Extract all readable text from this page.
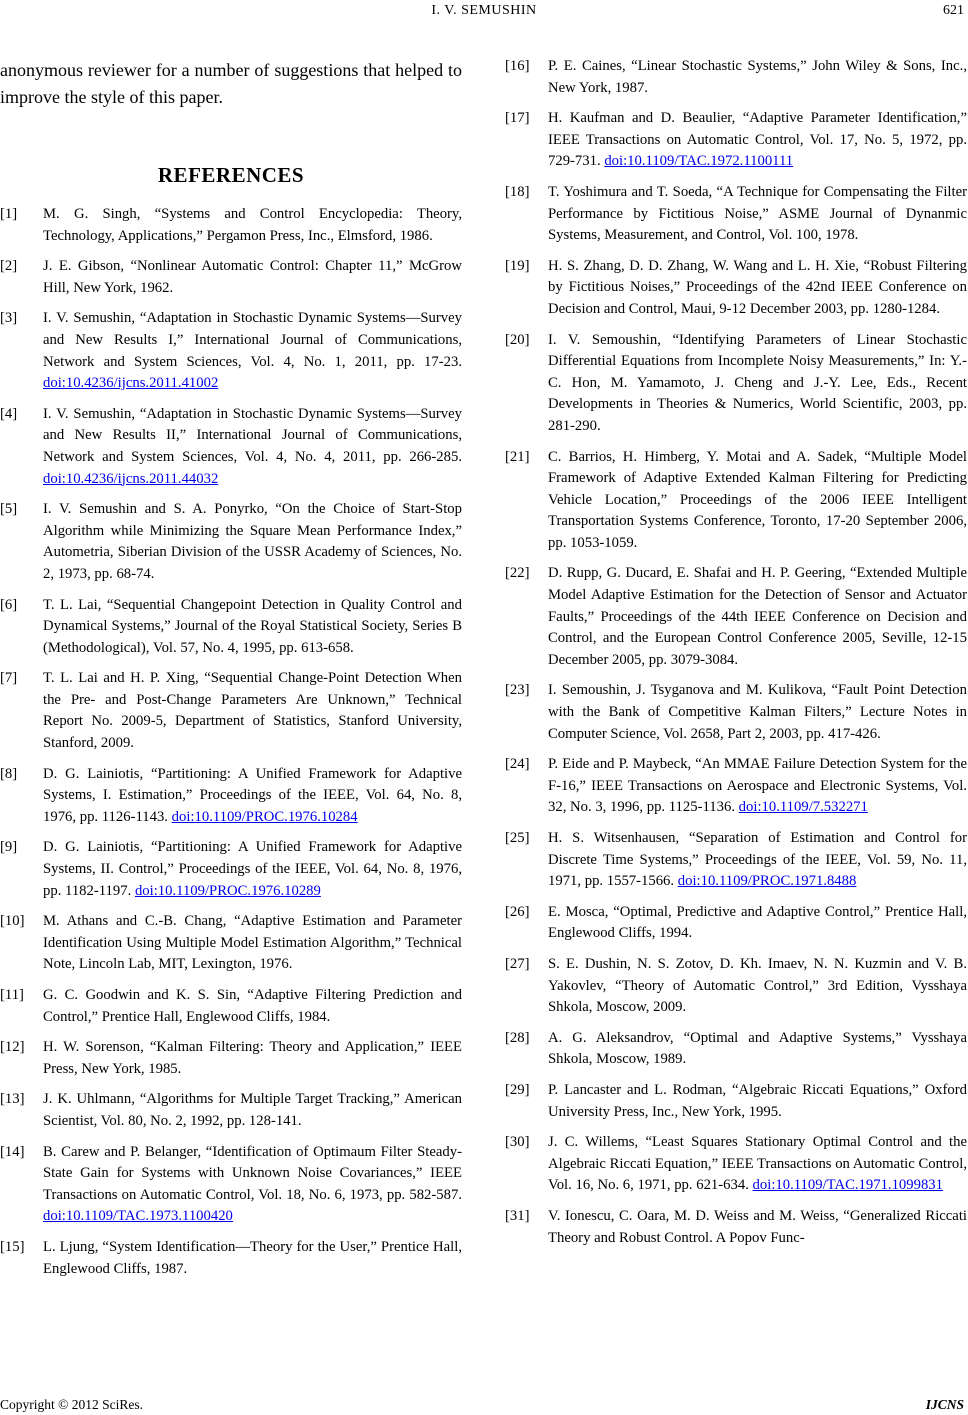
I. V. SEMUSHIN	621

anonymous reviewer for a number of suggestions that helped to improve the style of this paper.

REFERENCES
[1] M. G. Singh, “Systems and Control Encyclopedia: Theory, Technology, Applications,” Pergamon Press, Inc., Elmsford, 1986.
[2] J. E. Gibson, “Nonlinear Automatic Control: Chapter 11,” McGrow Hill, New York, 1962.
[3] I. V. Semushin, “Adaptation in Stochastic Dynamic Systems—Survey and New Results I,” International Journal of Communications, Network and System Sciences, Vol. 4, No. 1, 2011, pp. 17-23. doi:10.4236/ijcns.2011.41002
[4] I. V. Semushin, “Adaptation in Stochastic Dynamic Systems—Survey and New Results II,” International Journal of Communications, Network and System Sciences, Vol. 4, No. 4, 2011, pp. 266-285. doi:10.4236/ijcns.2011.44032
[5] I. V. Semushin and S. A. Ponyrko, “On the Choice of Start-Stop Algorithm while Minimizing the Square Mean Performance Index,” Autometria, Siberian Division of the USSR Academy of Sciences, No. 2, 1973, pp. 68-74.
[6] T. L. Lai, “Sequential Changepoint Detection in Quality Control and Dynamical Systems,” Journal of the Royal Statistical Society, Series B (Methodological), Vol. 57, No. 4, 1995, pp. 613-658.
[7] T. L. Lai and H. P. Xing, “Sequential Change-Point Detection When the Pre- and Post-Change Parameters Are Unknown,” Technical Report No. 2009-5, Department of Statistics, Stanford University, Stanford, 2009.
[8] D. G. Lainiotis, “Partitioning: A Unified Framework for Adaptive Systems, I. Estimation,” Proceedings of the IEEE, Vol. 64, No. 8, 1976, pp. 1126-1143. doi:10.1109/PROC.1976.10284
[9] D. G. Lainiotis, “Partitioning: A Unified Framework for Adaptive Systems, II. Control,” Proceedings of the IEEE, Vol. 64, No. 8, 1976, pp. 1182-1197. doi:10.1109/PROC.1976.10289
[10] M. Athans and C.-B. Chang, “Adaptive Estimation and Parameter Identification Using Multiple Model Estimation Algorithm,” Technical Note, Lincoln Lab, MIT, Lexington, 1976.
[11] G. C. Goodwin and K. S. Sin, “Adaptive Filtering Prediction and Control,” Prentice Hall, Englewood Cliffs, 1984.
[12] H. W. Sorenson, “Kalman Filtering: Theory and Application,” IEEE Press, New York, 1985.
[13] J. K. Uhlmann, “Algorithms for Multiple Target Tracking,” American Scientist, Vol. 80, No. 2, 1992, pp. 128-141.
[14] B. Carew and P. Belanger, “Identification of Optimaum Filter Steady-State Gain for Systems with Unknown Noise Covariances,” IEEE Transactions on Automatic Control, Vol. 18, No. 6, 1973, pp. 582-587. doi:10.1109/TAC.1973.1100420
[15] L. Ljung, “System Identification—Theory for the User,” Prentice Hall, Englewood Cliffs, 1987.
[16] P. E. Caines, “Linear Stochastic Systems,” John Wiley & Sons, Inc., New York, 1987.
[17] H. Kaufman and D. Beaulier, “Adaptive Parameter Identification,” IEEE Transactions on Automatic Control, Vol. 17, No. 5, 1972, pp. 729-731. doi:10.1109/TAC.1972.1100111
[18] T. Yoshimura and T. Soeda, “A Technique for Compensating the Filter Performance by Fictitious Noise,” ASME Journal of Dynanmic Systems, Measurement, and Control, Vol. 100, 1978.
[19] H. S. Zhang, D. D. Zhang, W. Wang and L. H. Xie, “Robust Filtering by Fictitious Noises,” Proceedings of the 42nd IEEE Conference on Decision and Control, Maui, 9-12 December 2003, pp. 1280-1284.
[20] I. V. Semoushin, “Identifying Parameters of Linear Stochastic Differential Equations from Incomplete Noisy Measurements,” In: Y.-C. Hon, M. Yamamoto, J. Cheng and J.-Y. Lee, Eds., Recent Developments in Theories & Numerics, World Scientific, 2003, pp. 281-290.
[21] C. Barrios, H. Himberg, Y. Motai and A. Sadek, “Multiple Model Framework of Adaptive Extended Kalman Filtering for Predicting Vehicle Location,” Proceedings of the 2006 IEEE Intelligent Transportation Systems Conference, Toronto, 17-20 September 2006, pp. 1053-1059.
[22] D. Rupp, G. Ducard, E. Shafai and H. P. Geering, “Extended Multiple Model Adaptive Estimation for the Detection of Sensor and Actuator Faults,” Proceedings of the 44th IEEE Conference on Decision and Control, and the European Control Conference 2005, Seville, 12-15 December 2005, pp. 3079-3084.
[23] I. Semoushin, J. Tsyganova and M. Kulikova, “Fault Point Detection with the Bank of Competitive Kalman Filters,” Lecture Notes in Computer Science, Vol. 2658, Part 2, 2003, pp. 417-426.
[24] P. Eide and P. Maybeck, “An MMAE Failure Detection System for the F-16,” IEEE Transactions on Aerospace and Electronic Systems, Vol. 32, No. 3, 1996, pp. 1125-1136. doi:10.1109/7.532271
[25] H. S. Witsenhausen, “Separation of Estimation and Control for Discrete Time Systems,” Proceedings of the IEEE, Vol. 59, No. 11, 1971, pp. 1557-1566. doi:10.1109/PROC.1971.8488
[26] E. Mosca, “Optimal, Predictive and Adaptive Control,” Prentice Hall, Englewood Cliffs, 1994.
[27] S. E. Dushin, N. S. Zotov, D. Kh. Imaev, N. N. Kuzmin and V. B. Yakovlev, “Theory of Automatic Control,” 3rd Edition, Vysshaya Shkola, Moscow, 2009.
[28] A. G. Aleksandrov, “Optimal and Adaptive Systems,” Vysshaya Shkola, Moscow, 1989.
[29] P. Lancaster and L. Rodman, “Algebraic Riccati Equations,” Oxford University Press, Inc., New York, 1995.
[30] J. C. Willems, “Least Squares Stationary Optimal Control and the Algebraic Riccati Equation,” IEEE Transactions on Automatic Control, Vol. 16, No. 6, 1971, pp. 621-634. doi:10.1109/TAC.1971.1099831
[31] V. Ionescu, C. Oara, M. D. Weiss and M. Weiss, “Generalized Riccati Theory and Robust Control. A Popov Func-
Copyright © 2012 SciRes.	IJCNS
